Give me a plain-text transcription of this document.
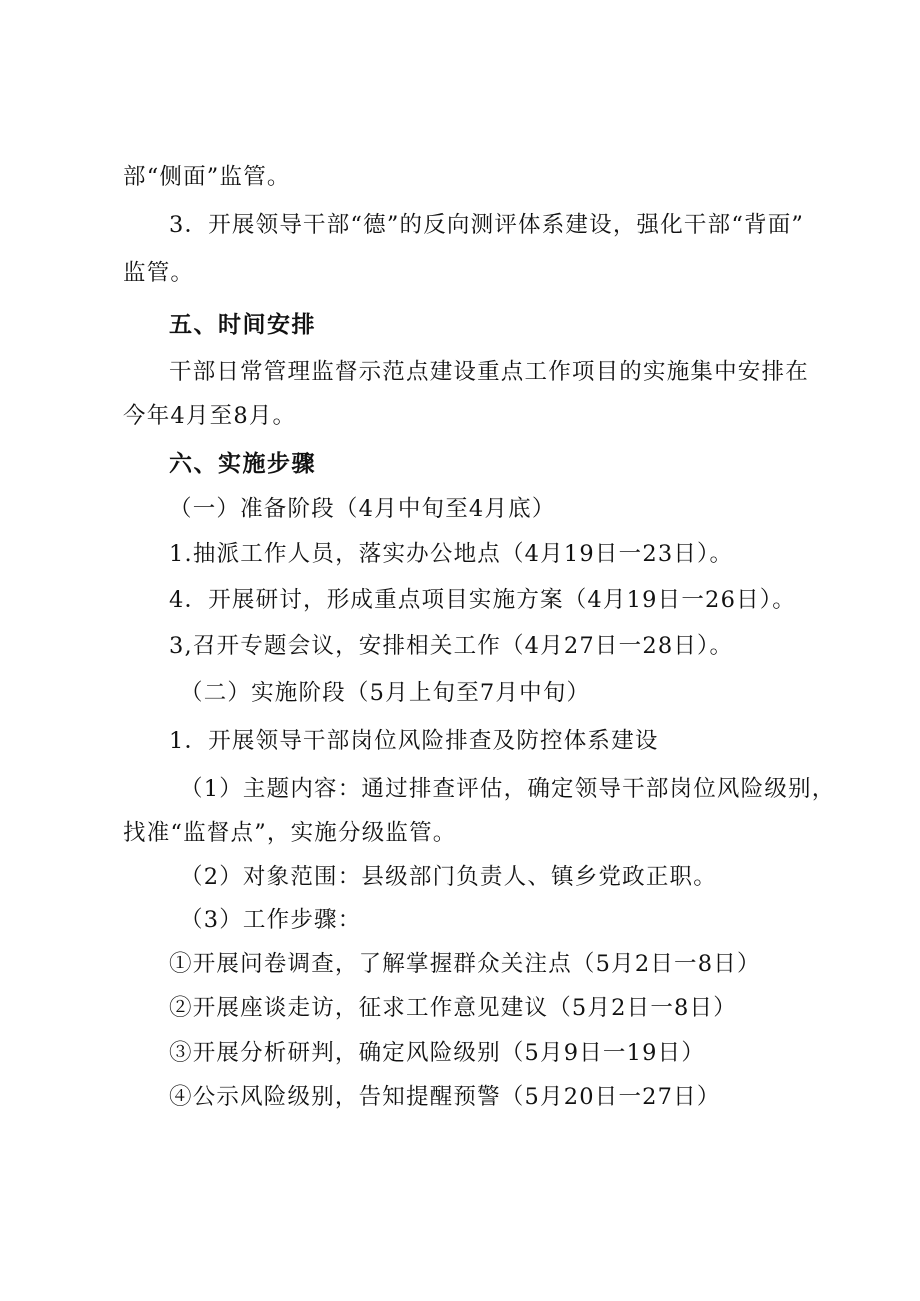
部“侧面”监管。
3．开展领导干部“德”的反向测评体系建设，强化干部“背面”
监管。
五、时间安排
干部日常管理监督示范点建设重点工作项目的实施集中安排在
今年4月至8月。
六、实施步骤
（一）准备阶段（4月中旬至4月底）
1.抽派工作人员，落实办公地点（4月19日一23日）。
4．开展研讨，形成重点项目实施方案（4月19日一26日）。
3,召开专题会议，安排相关工作（4月27日一28日）。
（二）实施阶段（5月上旬至7月中旬）
1．开展领导干部岗位风险排查及防控体系建设
（1）主题内容：通过排查评估，确定领导干部岗位风险级别，
找准“监督点”，实施分级监管。
（2）对象范围：县级部门负责人、镇乡党政正职。
（3）工作步骤：
①开展问卷调查，了解掌握群众关注点（5月2日一8日）
②开展座谈走访，征求工作意见建议（5月2日一8日）
③开展分析研判，确定风险级别（5月9日一19日）
④公示风险级别，告知提醒预警（5月20日一27日）
